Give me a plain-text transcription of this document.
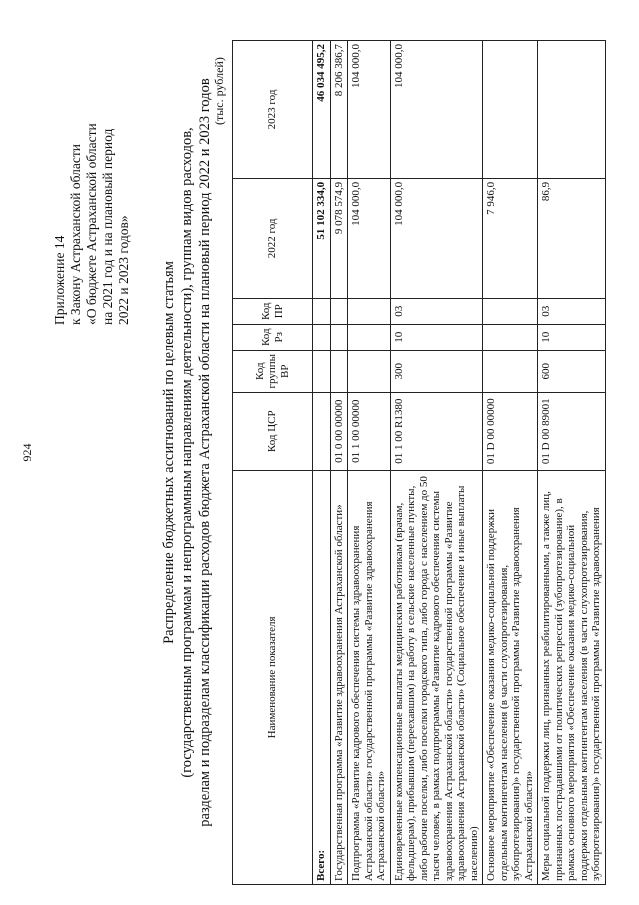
924
Приложение 14 к Закону Астраханской области «О бюджете Астраханской области на 2021 год и на плановый период 2022 и 2023 годов» Распределение бюджетных ассигнований по целевым статьям (государственным программам и непрограммным направлениям деятельности), группам видов расходов, разделам и подразделам классификации расходов бюджета Астраханской области на плановый период 2022 и 2023 годов (тыс. рублей)
Наименование показателя	Код ЦСР	Код группы ВР	Код Рз	Код ПР	2022 год	2023 год
Всего:					51 102 334,0	46 034 495,2
Государственная программа «Развитие здравоохранения Астраханской области»	01 0 00 00000				9 078 574,9	8 206 386,7
Подпрограмма «Развитие кадрового обеспечения системы здравоохранения Астраханской области» государственной программы «Развитие здравоохранения Астраханской области»	01 1 00 00000				104 000,0	104 000,0
Единовременные компенсационные выплаты медицинским работникам (врачам, фельдшерам), прибывшим (переехавшим) на работу в сельские населенные пункты, либо рабочие поселки, либо поселки городского типа, либо города с населением до 50 тысяч человек, в рамках подпрограммы «Развитие кадрового обеспечения системы здравоохранения Астраханской области» государственной программы «Развитие здравоохранения Астраханской области» (Социальное обеспечение и иные выплаты населению)	01 1 00 R1380	300	10	03	104 000,0	104 000,0
Основное мероприятие «Обеспечение оказания медико-социальной поддержки отдельным контингентам населения (в части слухопротезирования, зубопротезирования)» государственной программы «Развитие здравоохранения Астраханской области»	01 D 00 00000				7 946,0	
Меры социальной поддержки лиц, признанных реабилитированными, а также лиц, признанных пострадавшими от политических репрессий (зубопротезирование), в рамках основного мероприятия «Обеспечение оказания медико-социальной поддержки отдельным контингентам населения (в части слухопротезирования, зубопротезирования)» государственной программы «Развитие здравоохранения	01 D 00 89001	600	10	03	86,9	
